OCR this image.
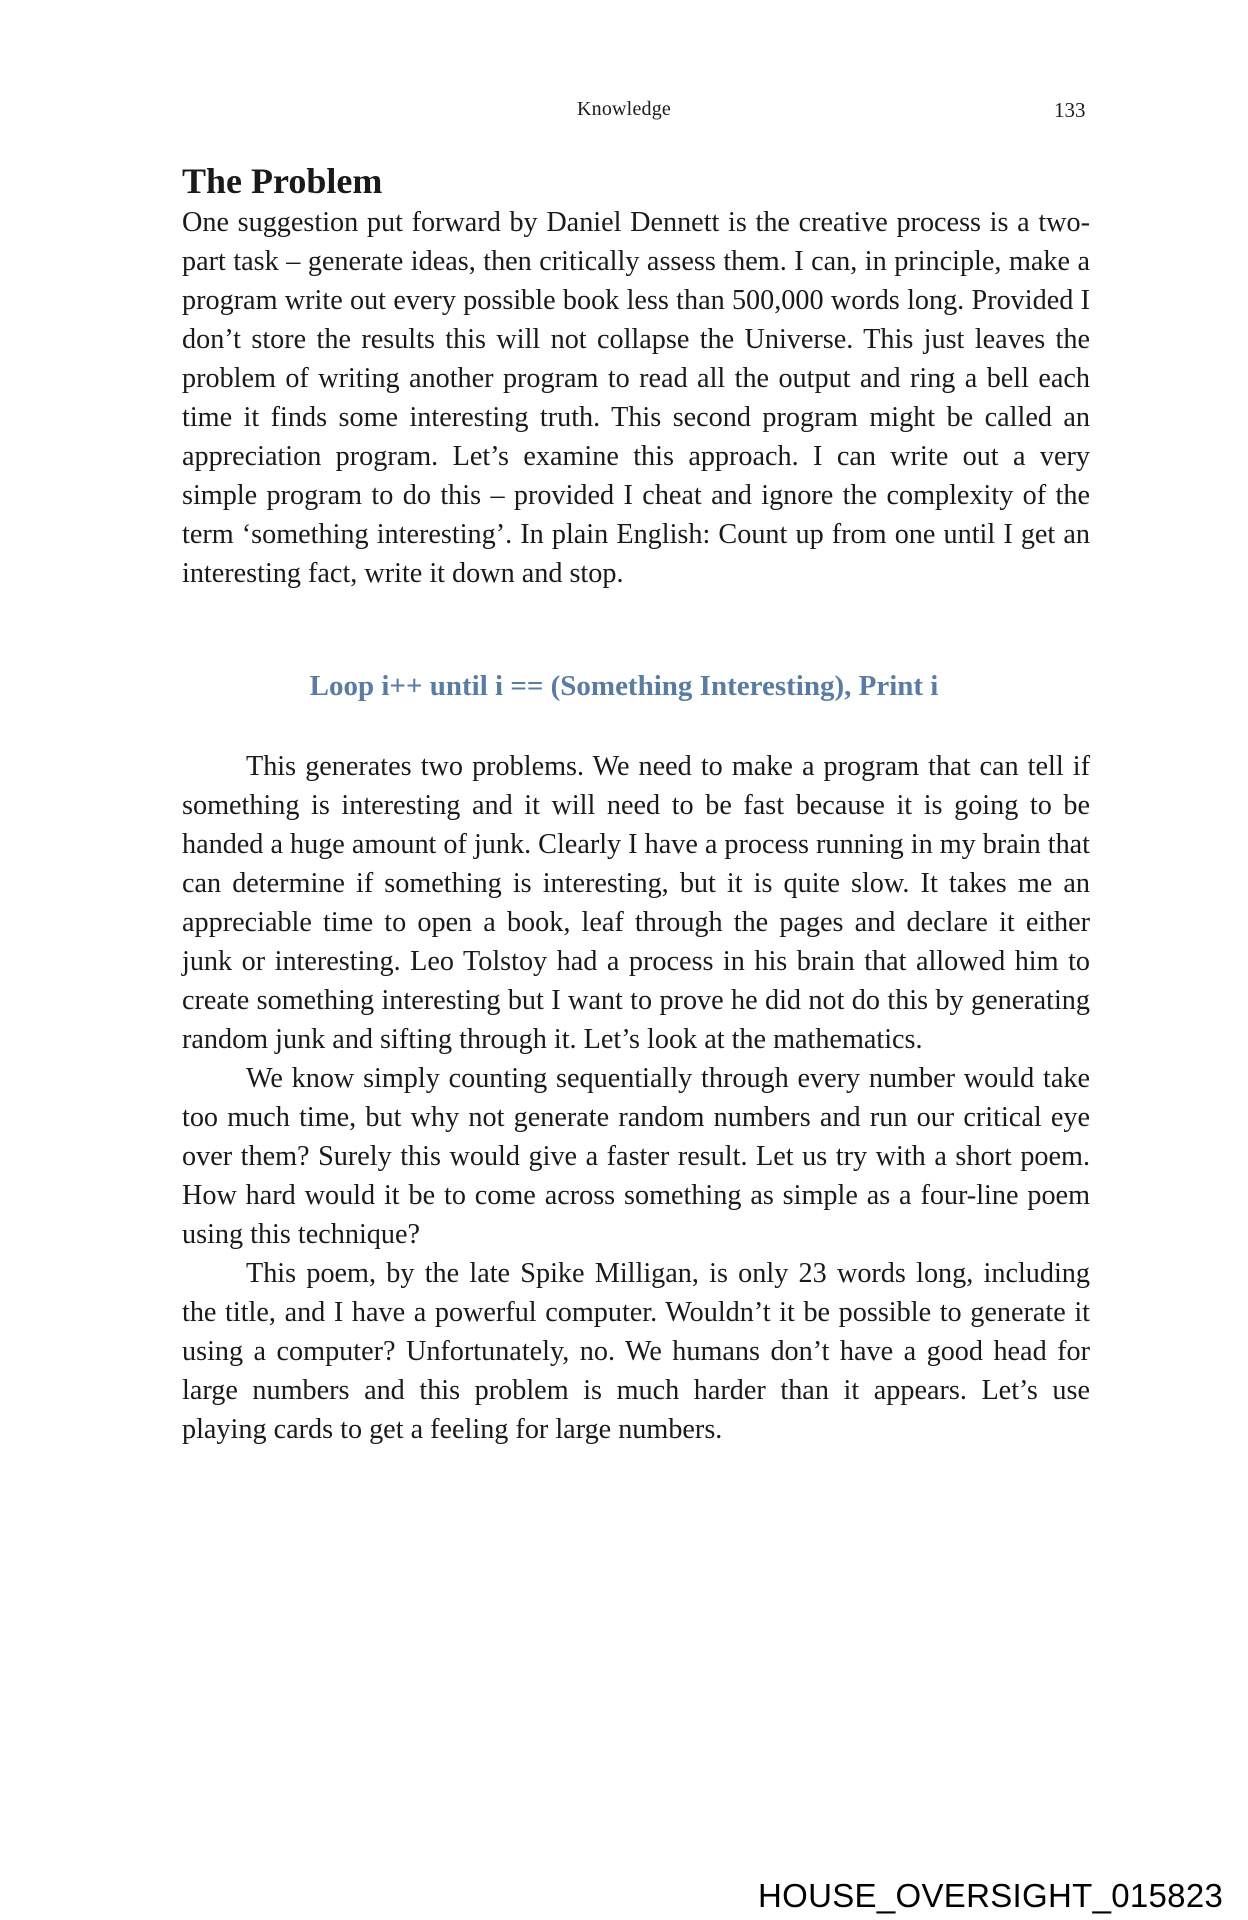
Knowledge	133
The Problem

One suggestion put forward by Daniel Dennett is the creative process is a two-part task – generate ideas, then critically assess them. I can, in principle, make a program write out every possible book less than 500,000 words long. Provided I don’t store the results this will not collapse the Universe. This just leaves the problem of writing another program to read all the output and ring a bell each time it finds some interesting truth. This second program might be called an appreciation program. Let’s examine this approach. I can write out a very simple program to do this – provided I cheat and ignore the complexity of the term ‘something interesting’. In plain English: Count up from one until I get an interesting fact, write it down and stop.

Loop i++ until i == (Something Interesting), Print i

This generates two problems. We need to make a program that can tell if something is interesting and it will need to be fast because it is going to be handed a huge amount of junk. Clearly I have a process running in my brain that can determine if something is interesting, but it is quite slow. It takes me an appreciable time to open a book, leaf through the pages and declare it either junk or interesting. Leo Tolstoy had a process in his brain that allowed him to create something interesting but I want to prove he did not do this by generating random junk and sifting through it. Let’s look at the mathematics.

We know simply counting sequentially through every number would take too much time, but why not generate random numbers and run our critical eye over them? Surely this would give a faster result. Let us try with a short poem. How hard would it be to come across something as simple as a four-line poem using this technique?

This poem, by the late Spike Milligan, is only 23 words long, including the title, and I have a powerful computer. Wouldn’t it be possible to generate it using a computer? Unfortunately, no. We humans don’t have a good head for large numbers and this problem is much harder than it appears. Let’s use playing cards to get a feeling for large numbers.

HOUSE_OVERSIGHT_015823
